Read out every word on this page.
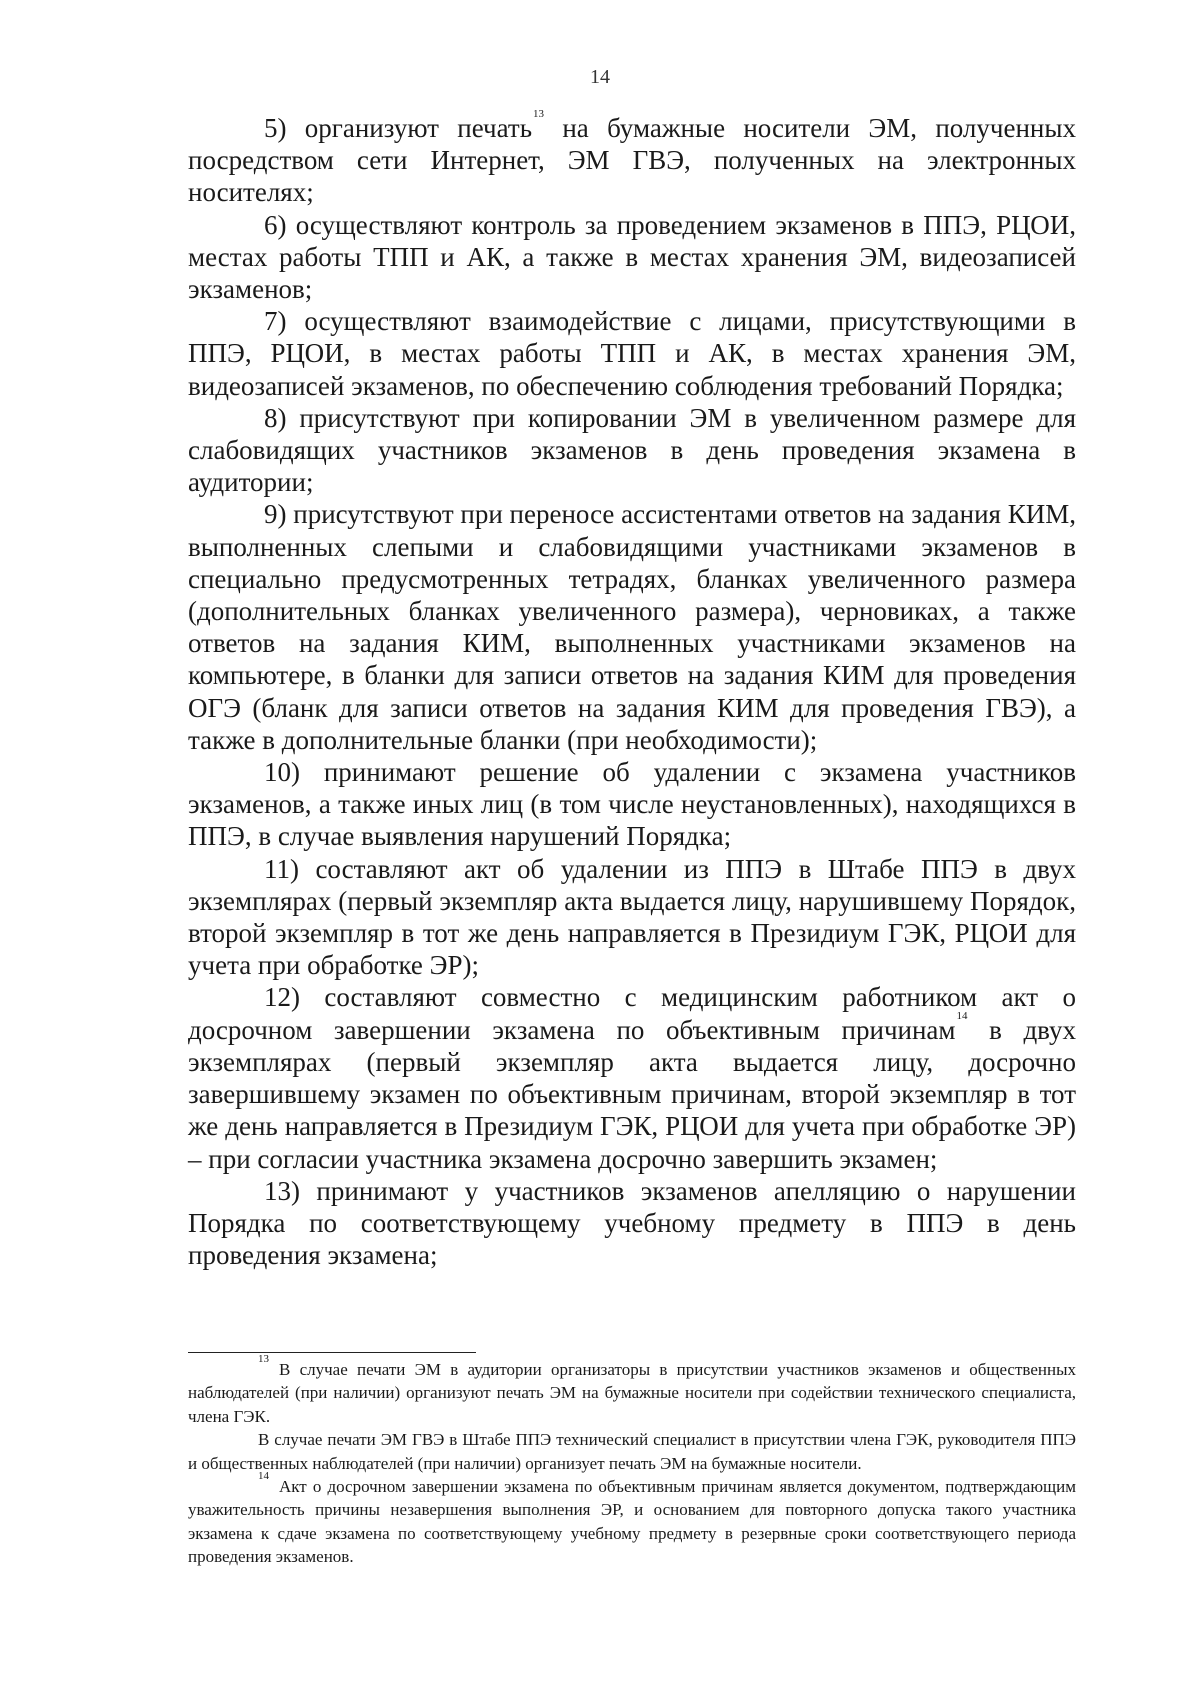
14

5) организуют печать$^{13}$ на бумажные носители ЭМ, полученных посредством сети Интернет, ЭМ ГВЭ, полученных на электронных носителях;

6) осуществляют контроль за проведением экзаменов в ППЭ, РЦОИ, местах работы ТПП и АК, а также в местах хранения ЭМ, видеозаписей экзаменов;

7) осуществляют взаимодействие с лицами, присутствующими в ППЭ, РЦОИ, в местах работы ТПП и АК, в местах хранения ЭМ, видеозаписей экзаменов, по обеспечению соблюдения требований Порядка;

8) присутствуют при копировании ЭМ в увеличенном размере для слабовидящих участников экзаменов в день проведения экзамена в аудитории;

9) присутствуют при переносе ассистентами ответов на задания КИМ, выполненных слепыми и слабовидящими участниками экзаменов в специально предусмотренных тетрадях, бланках увеличенного размера (дополнительных бланках увеличенного размера), черновиках, а также ответов на задания КИМ, выполненных участниками экзаменов на компьютере, в бланки для записи ответов на задания КИМ для проведения ОГЭ (бланк для записи ответов на задания КИМ для проведения ГВЭ), а также в дополнительные бланки (при необходимости);

10) принимают решение об удалении с экзамена участников экзаменов, а также иных лиц (в том числе неустановленных), находящихся в ППЭ, в случае выявления нарушений Порядка;

11) составляют акт об удалении из ППЭ в Штабе ППЭ в двух экземплярах (первый экземпляр акта выдается лицу, нарушившему Порядок, второй экземпляр в тот же день направляется в Президиум ГЭК, РЦОИ для учета при обработке ЭР);

12) составляют совместно с медицинским работником акт о досрочном завершении экзамена по объективным причинам$^{14}$ в двух экземплярах (первый экземпляр акта выдается лицу, досрочно завершившему экзамен по объективным причинам, второй экземпляр в тот же день направляется в Президиум ГЭК, РЦОИ для учета при обработке ЭР) – при согласии участника экзамена досрочно завершить экзамен;

13) принимают у участников экзаменов апелляцию о нарушении Порядка по соответствующему учебному предмету в ППЭ в день проведения экзамена;

$^{13}$В случае печати ЭМ в аудитории организаторы в присутствии участников экзаменов и общественных наблюдателей (при наличии) организуют печать ЭМ на бумажные носители при содействии технического специалиста, члена ГЭК.

В случае печати ЭМ ГВЭ в Штабе ППЭ технический специалист в присутствии члена ГЭК, руководителя ППЭ и общественных наблюдателей (при наличии) организует печать ЭМ на бумажные носители.

$^{14}$Акт о досрочном завершении экзамена по объективным причинам является документом, подтверждающим уважительность причины незавершения выполнения ЭР, и основанием для повторного допуска такого участника экзамена к сдаче экзамена по соответствующему учебному предмету в резервные сроки соответствующего периода проведения экзаменов.
